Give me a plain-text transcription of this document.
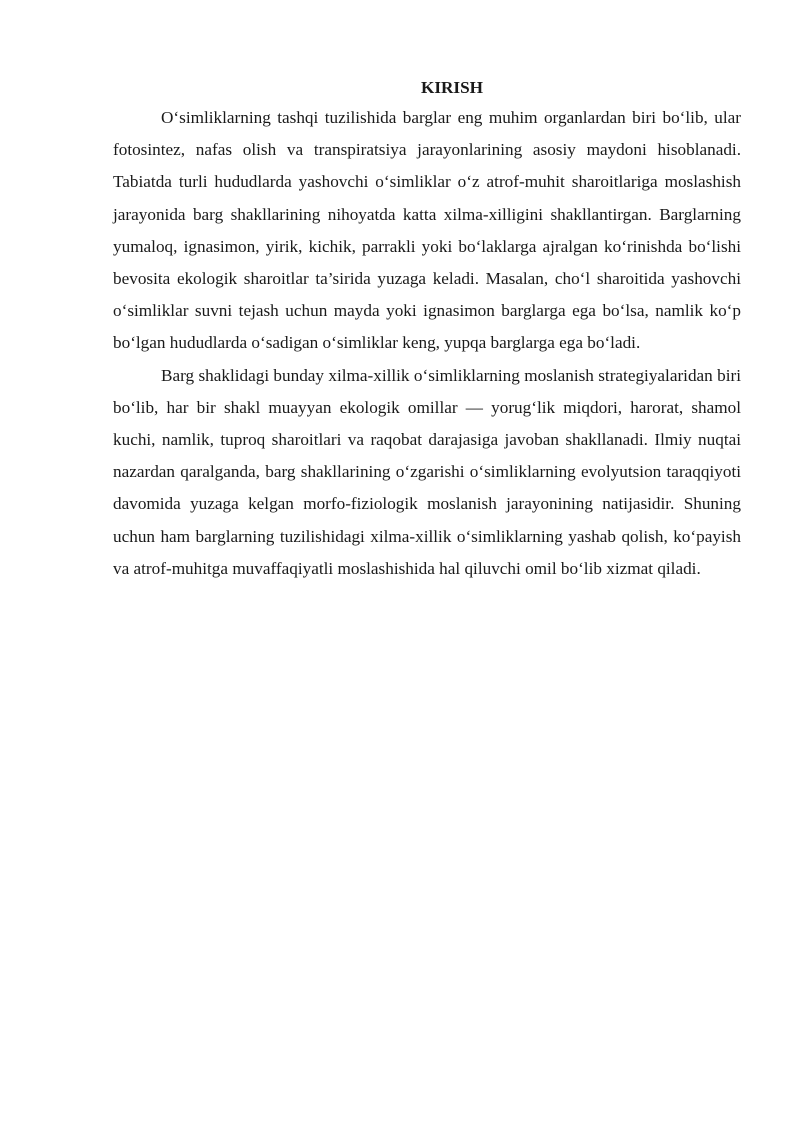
KIRISH

O‘simliklarning tashqi tuzilishida barglar eng muhim organlardan biri bo‘lib, ular fotosintez, nafas olish va transpiratsiya jarayonlarining asosiy maydoni hisoblanadi. Tabiatda turli hududlarda yashovchi o‘simliklar o‘z atrof-muhit sharoitlariga moslashish jarayonida barg shakllarining nihoyatda katta xilma-xilligini shakllantirgan. Barglarning yumaloq, ignasimon, yirik, kichik, parrakli yoki bo‘laklarga ajralgan ko‘rinishda bo‘lishi bevosita ekologik sharoitlar ta’sirida yuzaga keladi. Masalan, cho‘l sharoitida yashovchi o‘simliklar suvni tejash uchun mayda yoki ignasimon barglarga ega bo‘lsa, namlik ko‘p bo‘lgan hududlarda o‘sadigan o‘simliklar keng, yupqa barglarga ega bo‘ladi.

Barg shaklidagi bunday xilma-xillik o‘simliklarning moslanish strategiyalaridan biri bo‘lib, har bir shakl muayyan ekologik omillar — yorug‘lik miqdori, harorat, shamol kuchi, namlik, tuproq sharoitlari va raqobat darajasiga javoban shakllanadi. Ilmiy nuqtai nazardan qaralganda, barg shakllarining o‘zgarishi o‘simliklarning evolyutsion taraqqiyoti davomida yuzaga kelgan morfo-fiziologik moslanish jarayonining natijasidir. Shuning uchun ham barglarning tuzilishidagi xilma-xillik o‘simliklarning yashab qolish, ko‘payish va atrof-muhitga muvaffaqiyatli moslashishida hal qiluvchi omil bo‘lib xizmat qiladi.
